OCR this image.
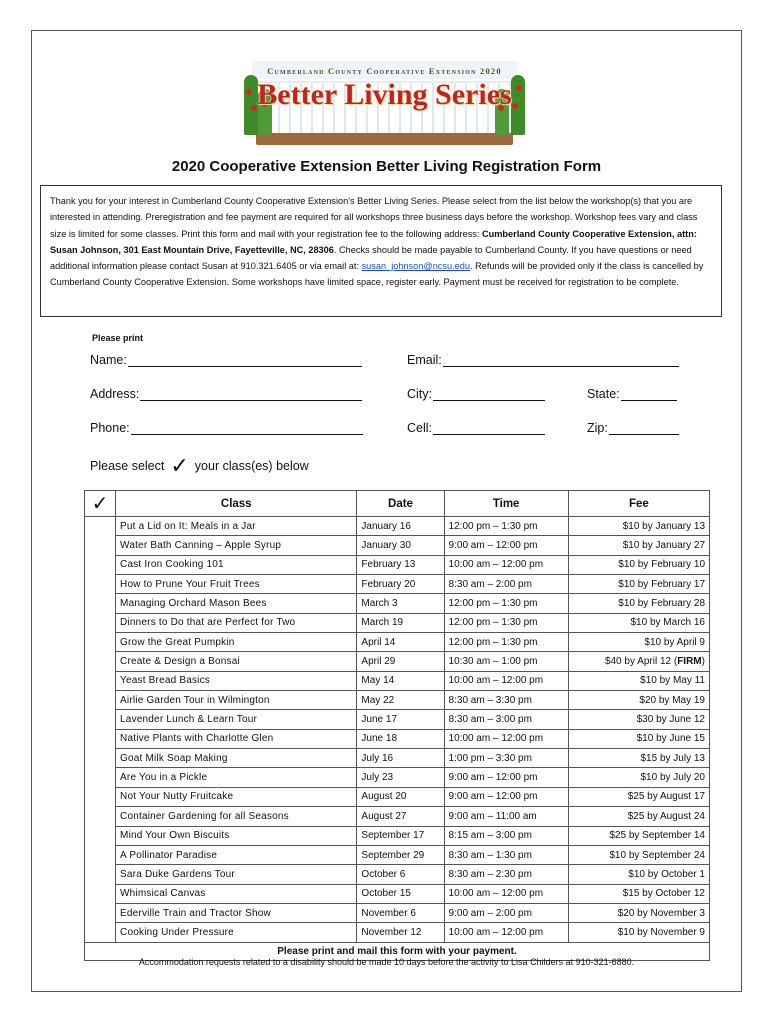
Cumberland County Cooperative Extension 2020
Better Living Series
2020 Cooperative Extension Better Living Registration Form
Thank you for your interest in Cumberland County Cooperative Extension's Better Living Series. Please select from the list below the workshop(s) that you are interested in attending. Preregistration and fee payment are required for all workshops three business days before the workshop. Workshop fees vary and class size is limited for some classes. Print this form and mail with your registration fee to the following address: Cumberland County Cooperative Extension, attn: Susan Johnson, 301 East Mountain Drive, Fayetteville, NC, 28306. Checks should be made payable to Cumberland County. If you have questions or need additional information please contact Susan at 910.321.6405 or via email at: susan_johnson@ncsu.edu. Refunds will be provided only if the class is cancelled by Cumberland County Cooperative Extension. Some workshops have limited space, register early. Payment must be received for registration to be complete.
Please print
Name:	Email:
Address:	City:	State:
Phone:	Cell:	Zip:
Please select ✓ your class(es) below
✓	Class	Date	Time	Fee
	Put a Lid on It: Meals in a Jar	January 16	12:00 pm – 1:30 pm	$10 by January 13
	Water Bath Canning – Apple Syrup	January 30	9:00 am – 12:00 pm	$10 by January 27
	Cast Iron Cooking 101	February 13	10:00 am – 12:00 pm	$10 by February 10
	How to Prune Your Fruit Trees	February 20	8:30 am – 2:00 pm	$10 by February 17
	Managing Orchard Mason Bees	March 3	12:00 pm – 1:30 pm	$10 by February 28
	Dinners to Do that are Perfect for Two	March 19	12:00 pm – 1:30 pm	$10 by March 16
	Grow the Great Pumpkin	April 14	12:00 pm – 1:30 pm	$10 by April 9
	Create & Design a Bonsai	April 29	10:30 am – 1:00 pm	$40 by April 12 (FIRM)
	Yeast Bread Basics	May 14	10:00 am – 12:00 pm	$10 by May 11
	Airlie Garden Tour in Wilmington	May 22	8:30 am – 3:30 pm	$20 by May 19
	Lavender Lunch & Learn Tour	June 17	8:30 am – 3:00 pm	$30 by June 12
	Native Plants with Charlotte Glen	June 18	10:00 am – 12:00 pm	$10 by June 15
	Goat Milk Soap Making	July 16	1:00 pm – 3:30 pm	$15 by July 13
	Are You in a Pickle	July 23	9:00 am – 12:00 pm	$10 by July 20
	Not Your Nutty Fruitcake	August 20	9:00 am – 12:00 pm	$25 by August 17
	Container Gardening for all Seasons	August 27	9:00 am – 11:00 am	$25 by August 24
	Mind Your Own Biscuits	September 17	8:15 am – 3:00 pm	$25 by September 14
	A Pollinator Paradise	September 29	8:30 am – 1:30 pm	$10 by September 24
	Sara Duke Gardens Tour	October 6	8:30 am – 2:30 pm	$10 by October 1
	Whimsical Canvas	October 15	10:00 am – 12:00 pm	$15 by October 12
	Ederville Train and Tractor Show	November 6	9:00 am – 2:00 pm	$20 by November 3
	Cooking Under Pressure	November 12	10:00 am – 12:00 pm	$10 by November 9
Please print and mail this form with your payment.				
Accommodation requests related to a disability should be made 10 days before the activity to Lisa Childers at 910-321-6880.
